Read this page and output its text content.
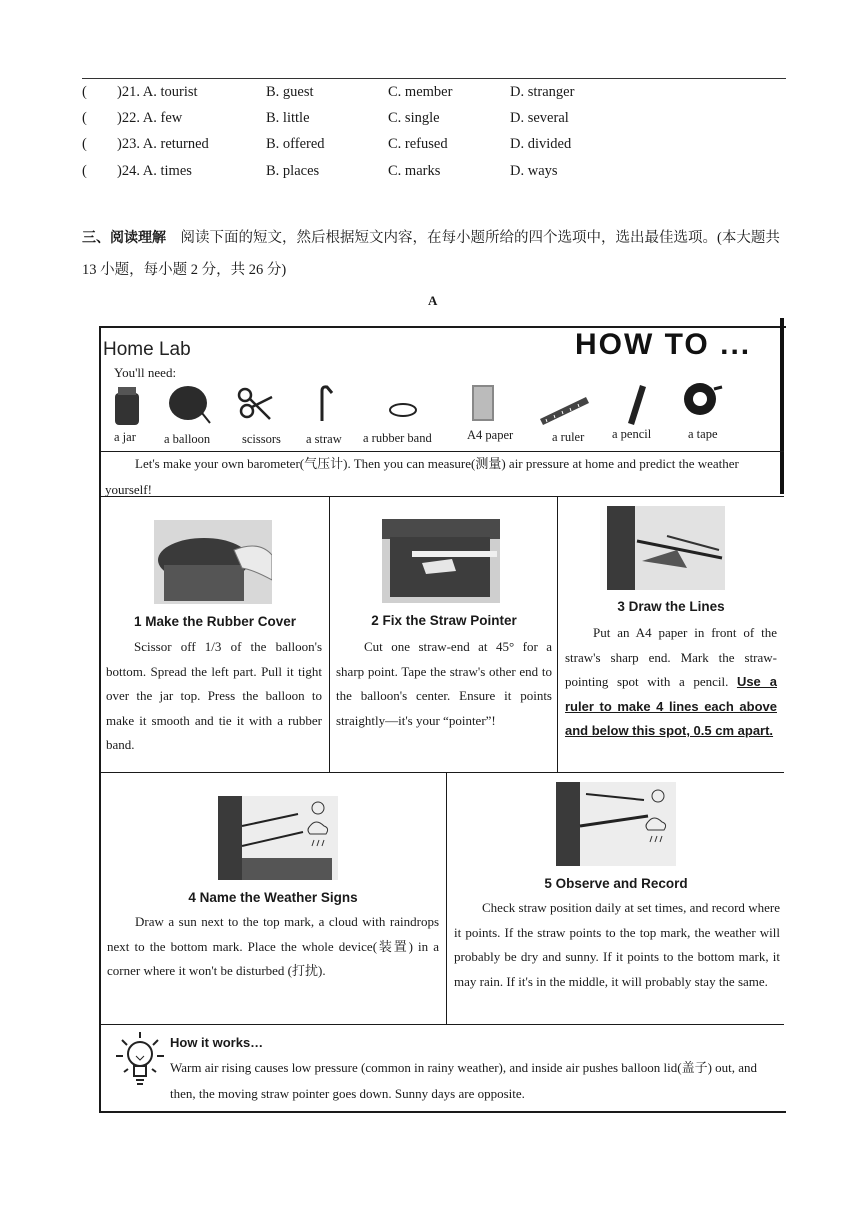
( )21. A. tourist	B. guest	C. member	D. stranger
( )22. A. few	B. little	C. single	D. several
( )23. A. returned	B. offered	C. refused	D. divided
( )24. A. times	B. places	C. marks	D. ways
三、阅读理解 阅读下面的短文，然后根据短文内容，在每小题所给的四个选项中，选出最佳选项。(本大题共13 小题，每小题 2 分，共 26 分)
A
Home Lab	HOW TO ...
You'll need:
a jar a balloon	scissors a straw a rubber band	A4 paper	a ruler a pencil	a tape
Let's make your own barometer(气压计). Then you can measure(测量) air pressure at home and predict the weather yourself!
1 Make the Rubber Cover
Scissor off 1/3 of the balloon's bottom. Spread the left part. Pull it tight over the jar top. Press the balloon to make it smooth and tie it with a rubber band.
2 Fix the Straw Pointer
Cut one straw-end at 45° for a sharp point. Tape the straw's other end to the balloon's center. Ensure it points straightly—it's your “pointer”!
3 Draw the Lines
Put an A4 paper in front of the straw's sharp end. Mark the straw-pointing spot with a pencil. Use a ruler to make 4 lines each above and below this spot, 0.5 cm apart.
4 Name the Weather Signs
Draw a sun next to the top mark, a cloud with raindrops next to the bottom mark. Place the whole device(装置) in a corner where it won't be disturbed (打扰).
5 Observe and Record
Check straw position daily at set times, and record where it points. If the straw points to the top mark, the weather will probably be dry and sunny. If it points to the bottom mark, it may rain. If it's in the middle, it will probably stay the same.
How it works…
Warm air rising causes low pressure (common in rainy weather), and inside air pushes balloon lid(盖子) out, and then, the moving straw pointer goes down. Sunny days are opposite.
